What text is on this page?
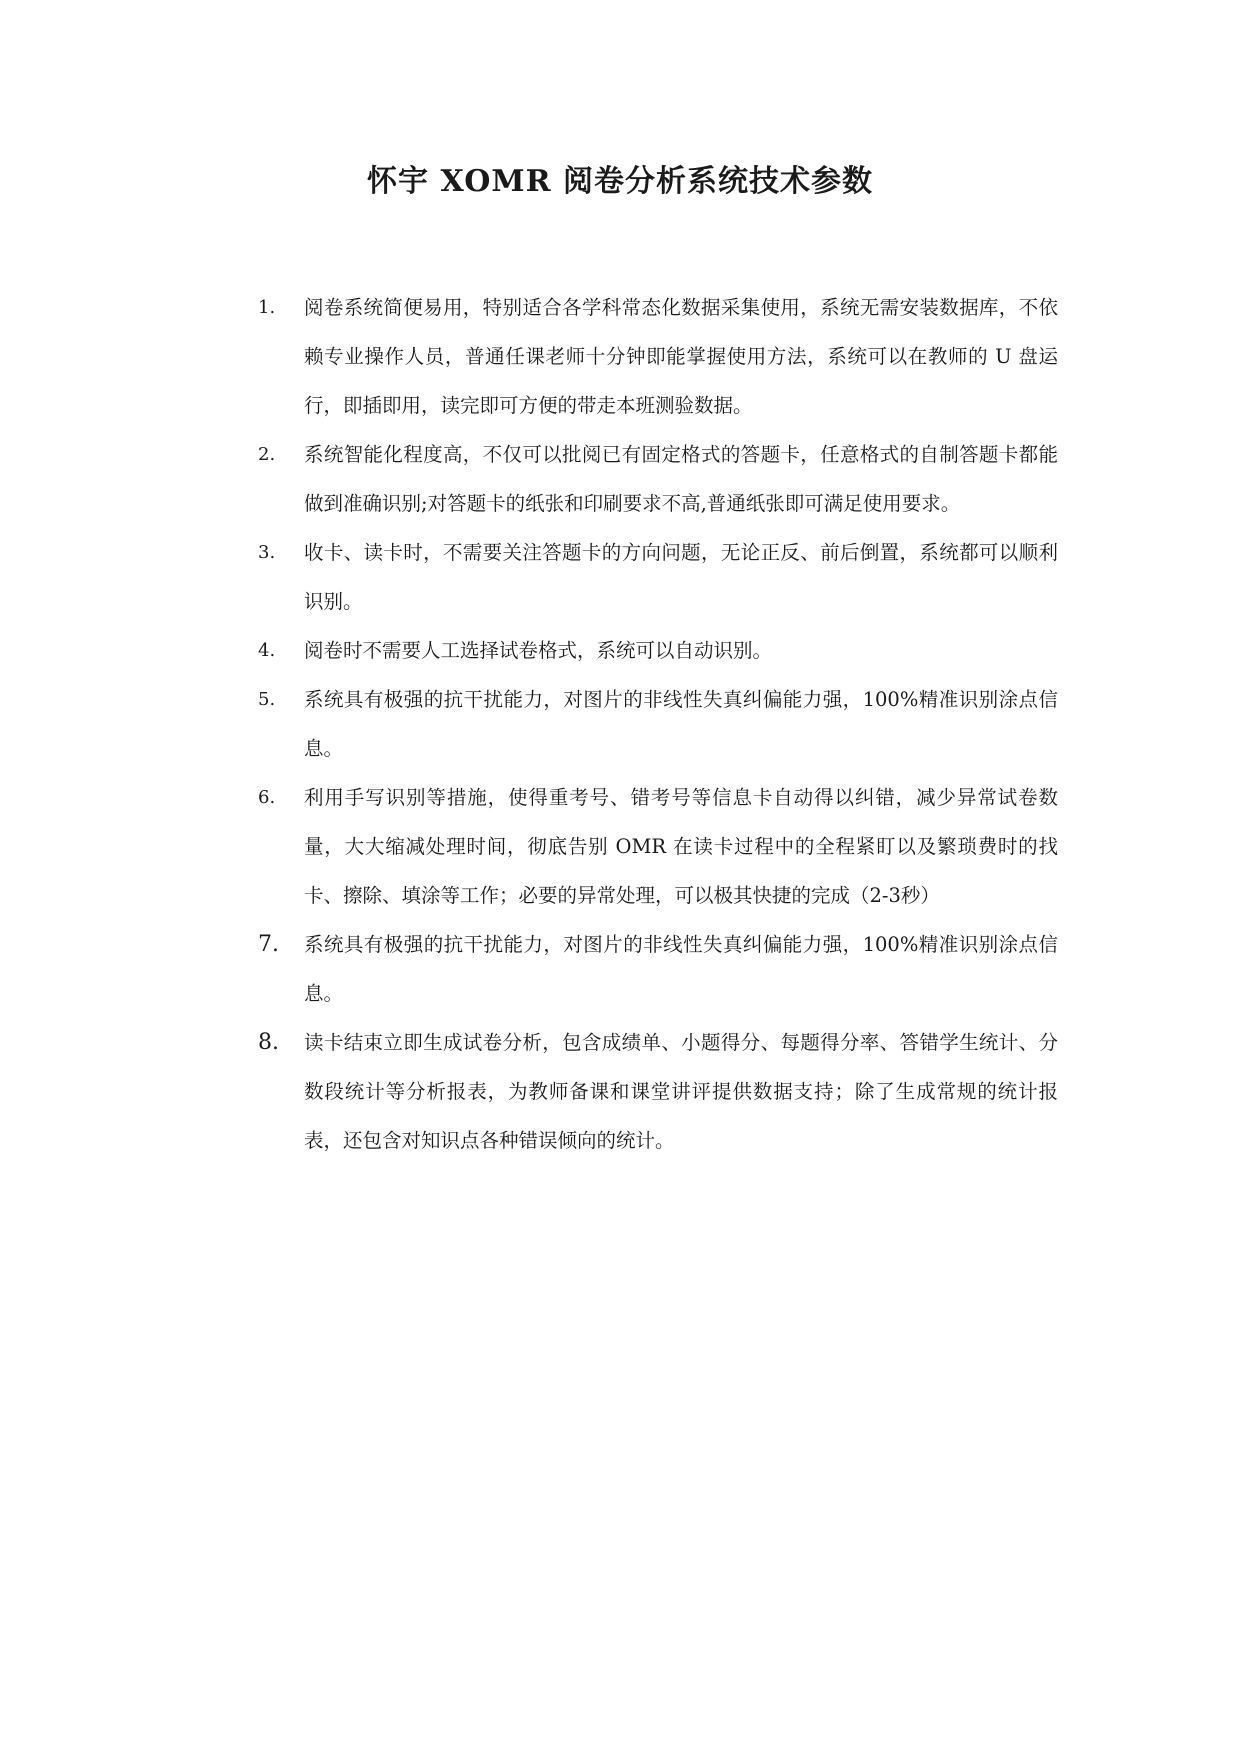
怀宇 XOMR 阅卷分析系统技术参数
1. 阅卷系统简便易用，特别适合各学科常态化数据采集使用，系统无需安装数据库，不依赖专业操作人员，普通任课老师十分钟即能掌握使用方法，系统可以在教师的 U 盘运行，即插即用，读完即可方便的带走本班测验数据。
2. 系统智能化程度高，不仅可以批阅已有固定格式的答题卡，任意格式的自制答题卡都能做到准确识别;对答题卡的纸张和印刷要求不高,普通纸张即可满足使用要求。
3. 收卡、读卡时，不需要关注答题卡的方向问题，无论正反、前后倒置，系统都可以顺利识别。
4. 阅卷时不需要人工选择试卷格式，系统可以自动识别。
5. 系统具有极强的抗干扰能力，对图片的非线性失真纠偏能力强，100%精准识别涂点信息。
6. 利用手写识别等措施，使得重考号、错考号等信息卡自动得以纠错，减少异常试卷数量，大大缩减处理时间，彻底告别 OMR 在读卡过程中的全程紧盯以及繁琐费时的找卡、擦除、填涂等工作；必要的异常处理，可以极其快捷的完成（2-3秒）
7. 系统具有极强的抗干扰能力，对图片的非线性失真纠偏能力强，100%精准识别涂点信息。
8. 读卡结束立即生成试卷分析，包含成绩单、小题得分、每题得分率、答错学生统计、分数段统计等分析报表，为教师备课和课堂讲评提供数据支持；除了生成常规的统计报表，还包含对知识点各种错误倾向的统计。
